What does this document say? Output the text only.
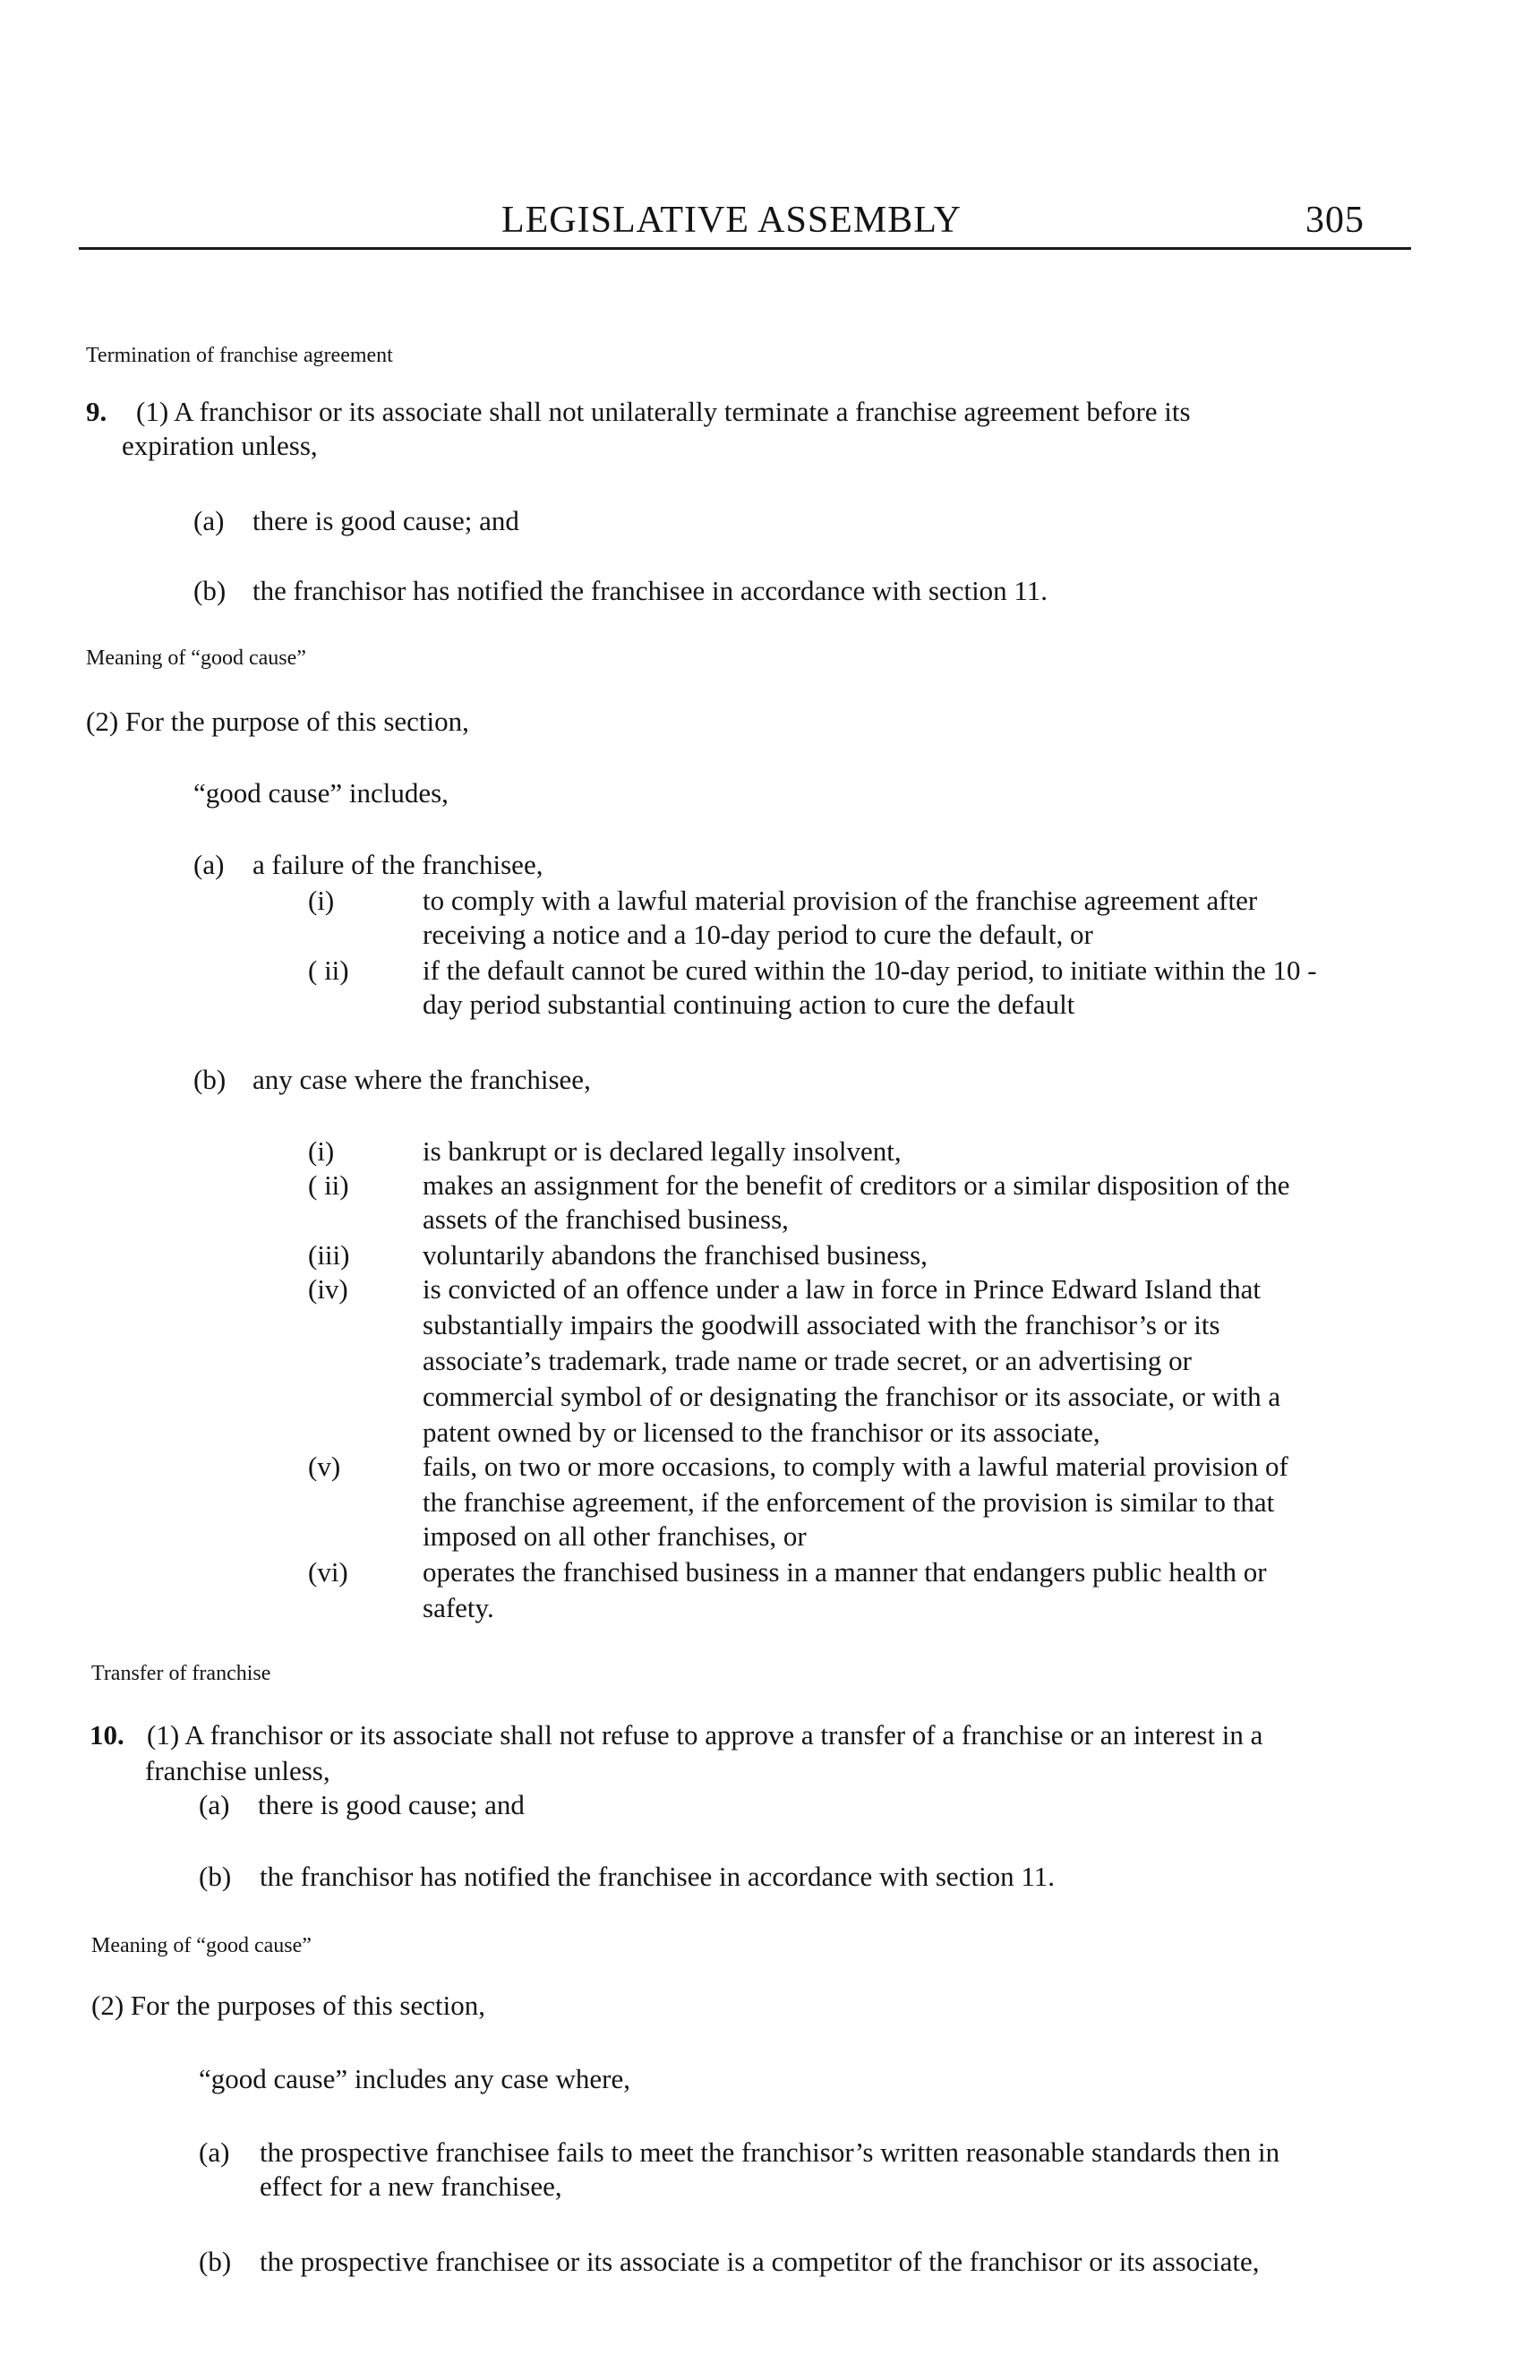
LEGISLATIVE ASSEMBLY	305
Termination of franchise agreement
9. (1) A franchisor or its associate shall not unilaterally terminate a franchise agreement before its
expiration unless,
(a) there is good cause; and
(b) the franchisor has notified the franchisee in accordance with section 11.
Meaning of “good cause”
(2) For the purpose of this section,
“good cause” includes,
(a) a failure of the franchisee,
(i)	to comply with a lawful material provision of the franchise agreement after
receiving a notice and a 10-day period to cure the default, or
( ii)	if the default cannot be cured within the 10-day period, to initiate within the 10 -
day period substantial continuing action to cure the default
(b) any case where the franchisee,
(i)	is bankrupt or is declared legally insolvent,
( ii)	makes an assignment for the benefit of creditors or a similar disposition of the
assets of the franchised business,
(iii)	voluntarily abandons the franchised business,
(iv)	is convicted of an offence under a law in force in Prince Edward Island that
substantially impairs the goodwill associated with the franchisor’s or its
associate’s trademark, trade name or trade secret, or an advertising or
commercial symbol of or designating the franchisor or its associate, or with a
patent owned by or licensed to the franchisor or its associate,
(v)	fails, on two or more occasions, to comply with a lawful material provision of
the franchise agreement, if the enforcement of the provision is similar to that
imposed on all other franchises, or
(vi)	operates the franchised business in a manner that endangers public health or
safety.
Transfer of franchise
10. (1) A franchisor or its associate shall not refuse to approve a transfer of a franchise or an interest in a
franchise unless,
(a) there is good cause; and
(b) the franchisor has notified the franchisee in accordance with section 11.
Meaning of “good cause”
(2) For the purposes of this section,
“good cause” includes any case where,
(a) the prospective franchisee fails to meet the franchisor’s written reasonable standards then in
effect for a new franchisee,
(b) the prospective franchisee or its associate is a competitor of the franchisor or its associate,
